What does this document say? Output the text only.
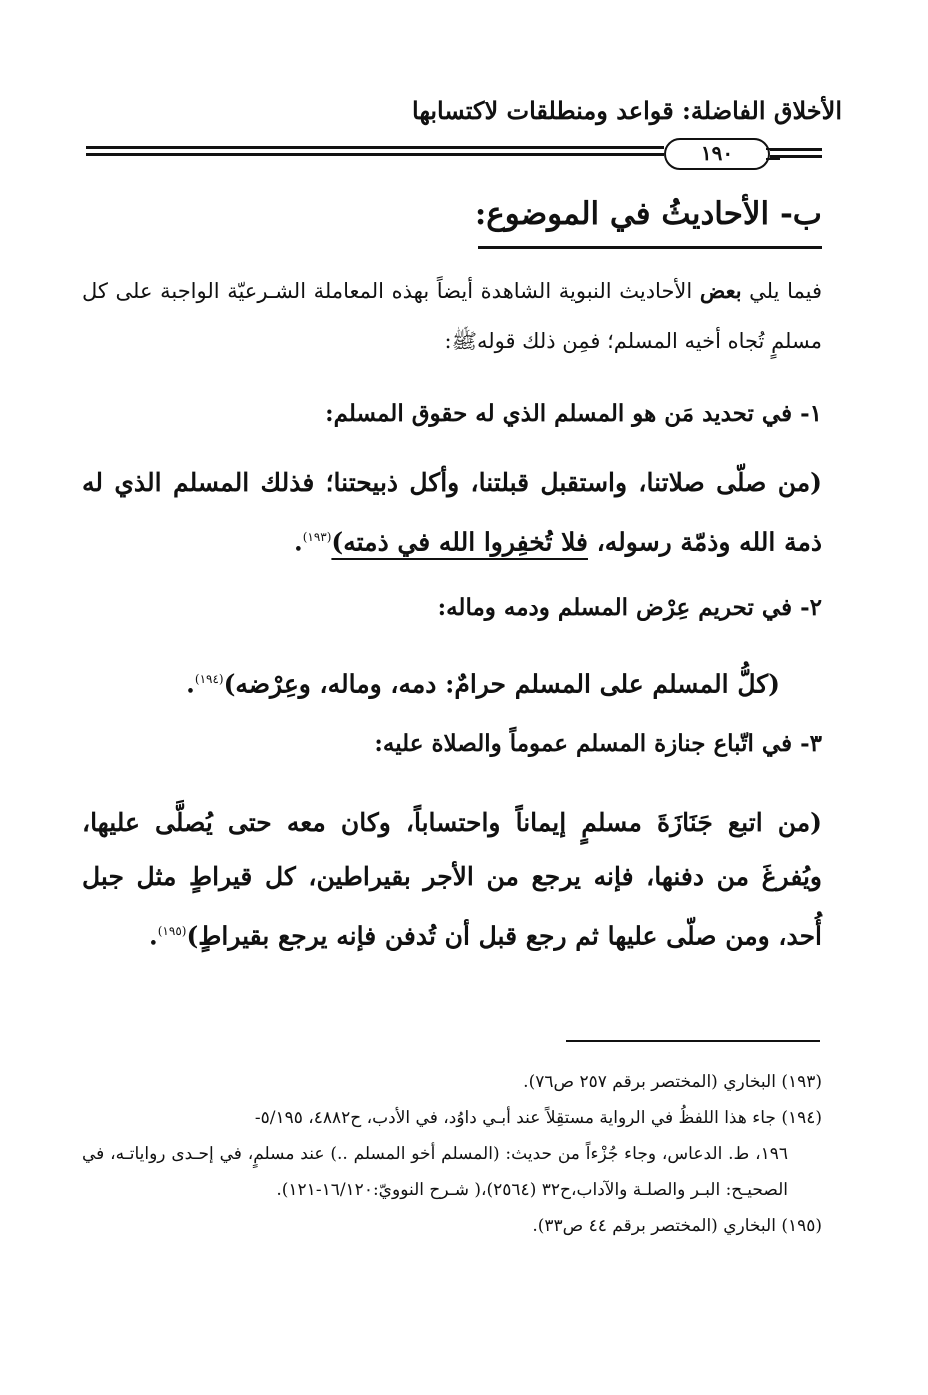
الأخلاق الفاضلة: قواعد ومنطلقات لاكتسابها
١٩٠
ب- الأحاديثُ في الموضوع:
فيما يلي بعض الأحاديث النبوية الشاهدة أيضاً بهذه المعاملة الشـرعيّة الواجبة على كل مسلمٍ تُجاه أخيه المسلم؛ فمِن ذلك قولهﷺ:
١- في تحديد مَن هو المسلم الذي له حقوق المسلم:
(من صلّى صلاتنا، واستقبل قبلتنا، وأكل ذبيحتنا؛ فذلك المسلم الذي له ذمة الله وذمّة رسوله، فلا تُخفِروا الله في ذمته)$^{(١٩٣)}$.
٢- في تحريم عِرْض المسلم ودمه وماله:
(كلُّ المسلم على المسلم حرامٌ: دمه، وماله، وعِرْضه)$^{(١٩٤)}$.
٣- في اتّباع جنازة المسلم عموماً والصلاة عليه:
(من اتبع جَنَازَةَ مسلمٍ إيماناً واحتساباً، وكان معه حتى يُصلَّى عليها، ويُفرغَ من دفنها، فإنه يرجع من الأجر بقيراطين، كل قيراطٍ مثل جبل أُحد، ومن صلّى عليها ثم رجع قبل أن تُدفن فإنه يرجع بقيراطٍ)$^{(١٩٥)}$.
(١٩٣) البخاري (المختصر برقم ٢٥٧ ص٧٦).
(١٩٤) جاء هذا اللفظُ في الرواية مستقِلاً عند أبـي داوُد، في الأدب، ح٤٨٨٢، ٥/١٩٥-
١٩٦، ط. الدعاس، وجاء جُزْءاً من حديث: (المسلم أخو المسلم ..) عند مسلمٍ، في إحـدى رواياتـه، في الصحيـح: البـر والصلـة والآداب،ح٣٢ (٢٥٦٤)،( شـرح النوويّ:١٦/١٢٠-١٢١).
(١٩٥) البخاري (المختصر برقم ٤٤ ص٣٣).
